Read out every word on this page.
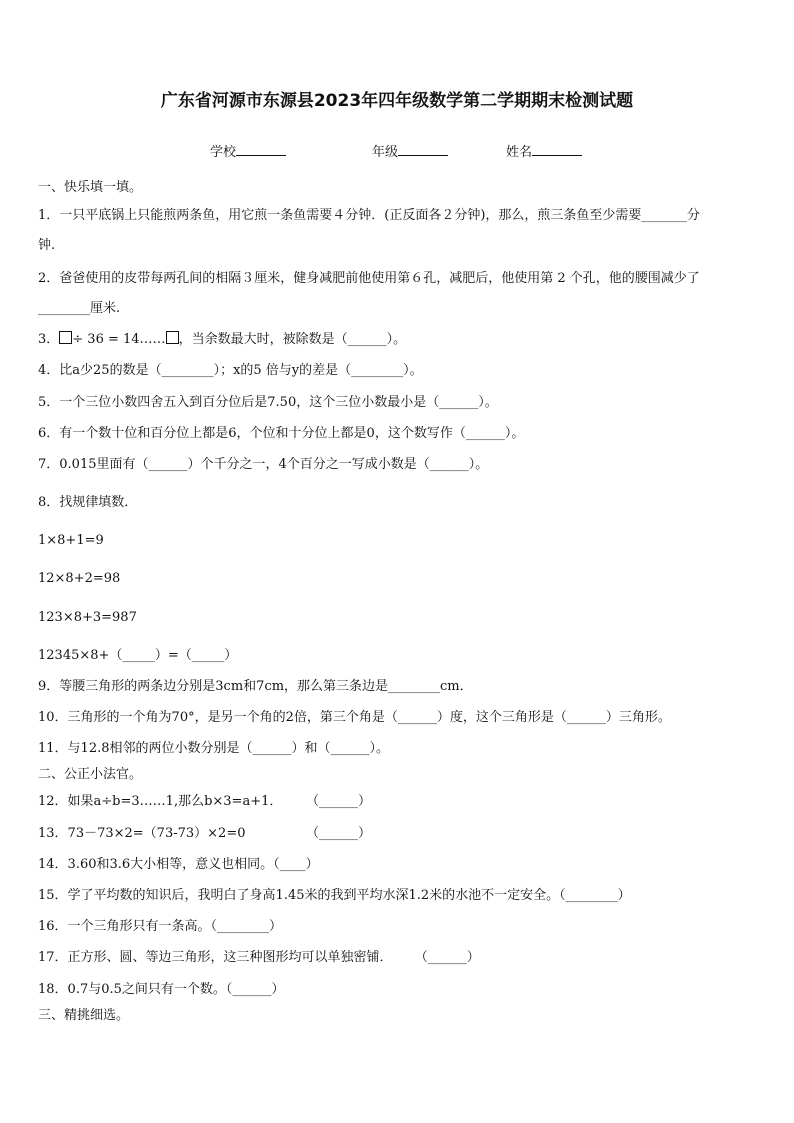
广东省河源市东源县2023年四年级数学第二学期期末检测试题
学校	年级	姓名
一、快乐填一填。
1．一只平底锅上只能煎两条鱼，用它煎一条鱼需要４分钟．(正反面各２分钟)，那么，煎三条鱼至少需要_______分
钟.
2．爸爸使用的皮带每两孔间的相隔３厘米，健身减肥前他使用第６孔，减肥后，他使用第 2 个孔，他的腰围减少了
________厘米.
3． ÷ 36 = 14…… ，当余数最大时，被除数是（______）。
4．比a少25的数是（________）；x的5 倍与y的差是（________）。
5．一个三位小数四舍五入到百分位后是7.50，这个三位小数最小是（______）。
6．有一个数十位和百分位上都是6，个位和十分位上都是0，这个数写作（______）。
7．0.015里面有（______）个千分之一，4个百分之一写成小数是（______）。
8．找规律填数．
1×8+1=9
12×8+2=98
123×8+3=987
12345×8+（_____）=（_____）
9．等腰三角形的两条边分别是3cm和7cm，那么第三条边是________cm．
10．三角形的一个角为70°，是另一个角的2倍，第三个角是（______）度，这个三角形是（______）三角形。
11．与12.8相邻的两位小数分别是（______）和（______）。
二、公正小法官。
12．如果a÷b=3……1,那么b×3=a+1． （______）
13．73－73×2=（73-73）×2=0	（______）
14．3.60和3.6大小相等，意义也相同。（____）
15．学了平均数的知识后，我明白了身高1.45米的我到平均水深1.2米的水池不一定安全。（________）
16．一个三角形只有一条高。（________）
17．正方形、圆、等边三角形，这三种图形均可以单独密铺． （______）
18．0.7与0.5之间只有一个数。（______）
三、精挑细选。
